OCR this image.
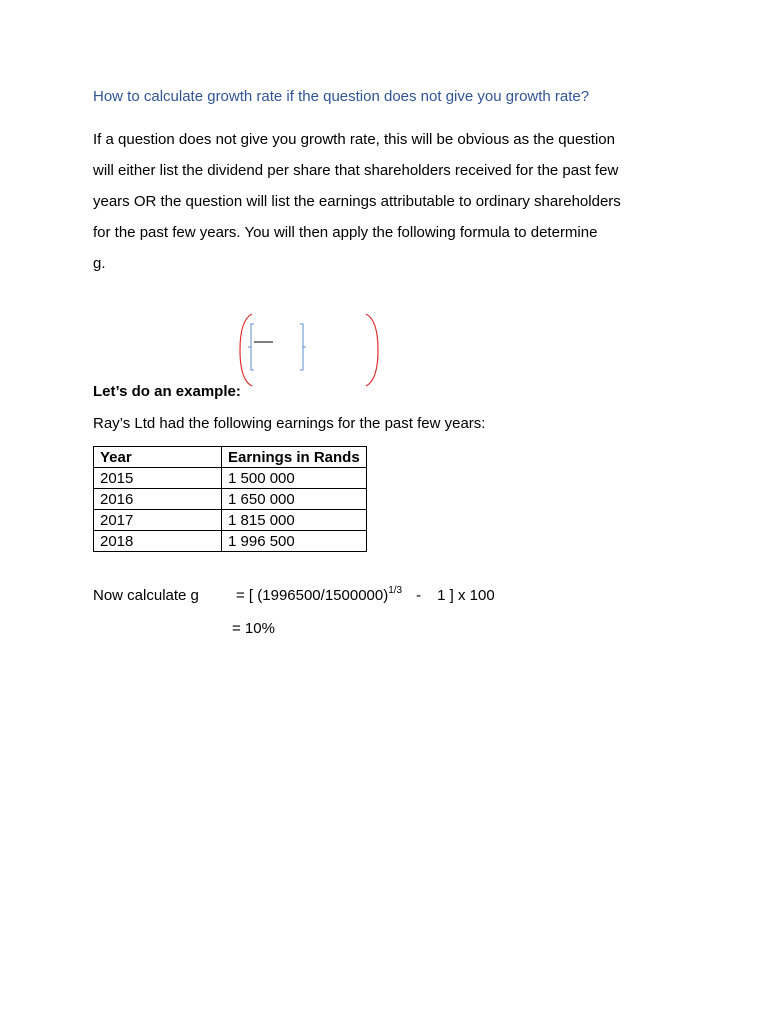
How to calculate growth rate if the question does not give you growth rate?

If a question does not give you growth rate, this will be obvious as the question
will either list the dividend per share that shareholders received for the past few
years OR the question will list the earnings attributable to ordinary shareholders
for the past few years. You will then apply the following formula to determine
g.

Let’s do an example:
Ray’s Ltd had the following earnings for the past few years:
Year	Earnings in Rands
2015	1 500 000
2016	1 650 000
2017	1 815 000
2018	1 996 500
Now calculate g = [ $(1996500/1500000)^{1/3} - 1$ ] x 100
= 10%
